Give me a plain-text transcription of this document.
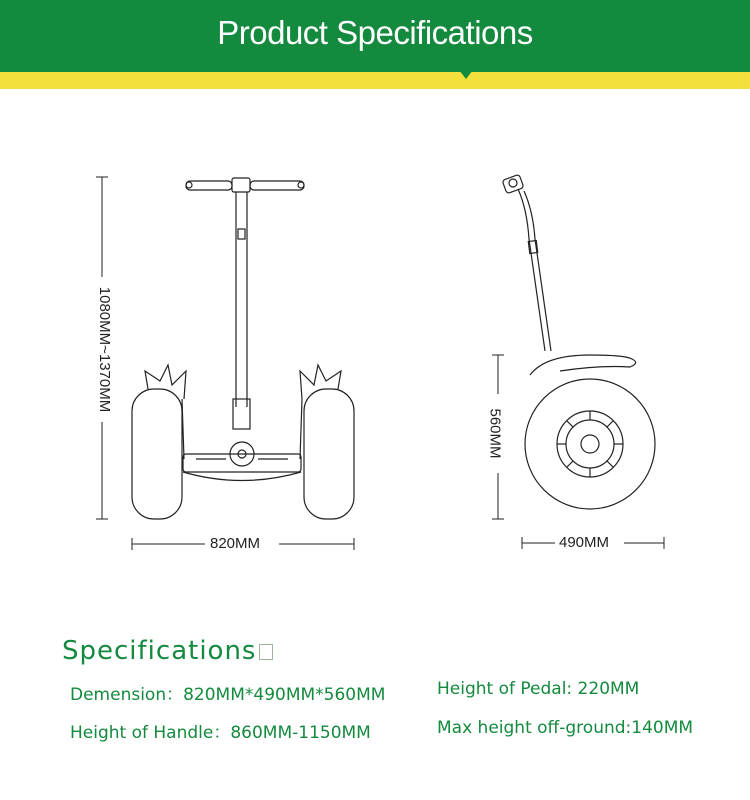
Product Specifications
1080MM~1370MM
820MM
560MM
490MM
Specifications
Demension：820MM*490MM*560MM	Height of Pedal: 220MM
Height of Handle：860MM-1150MM	Max height off-ground:140MM
